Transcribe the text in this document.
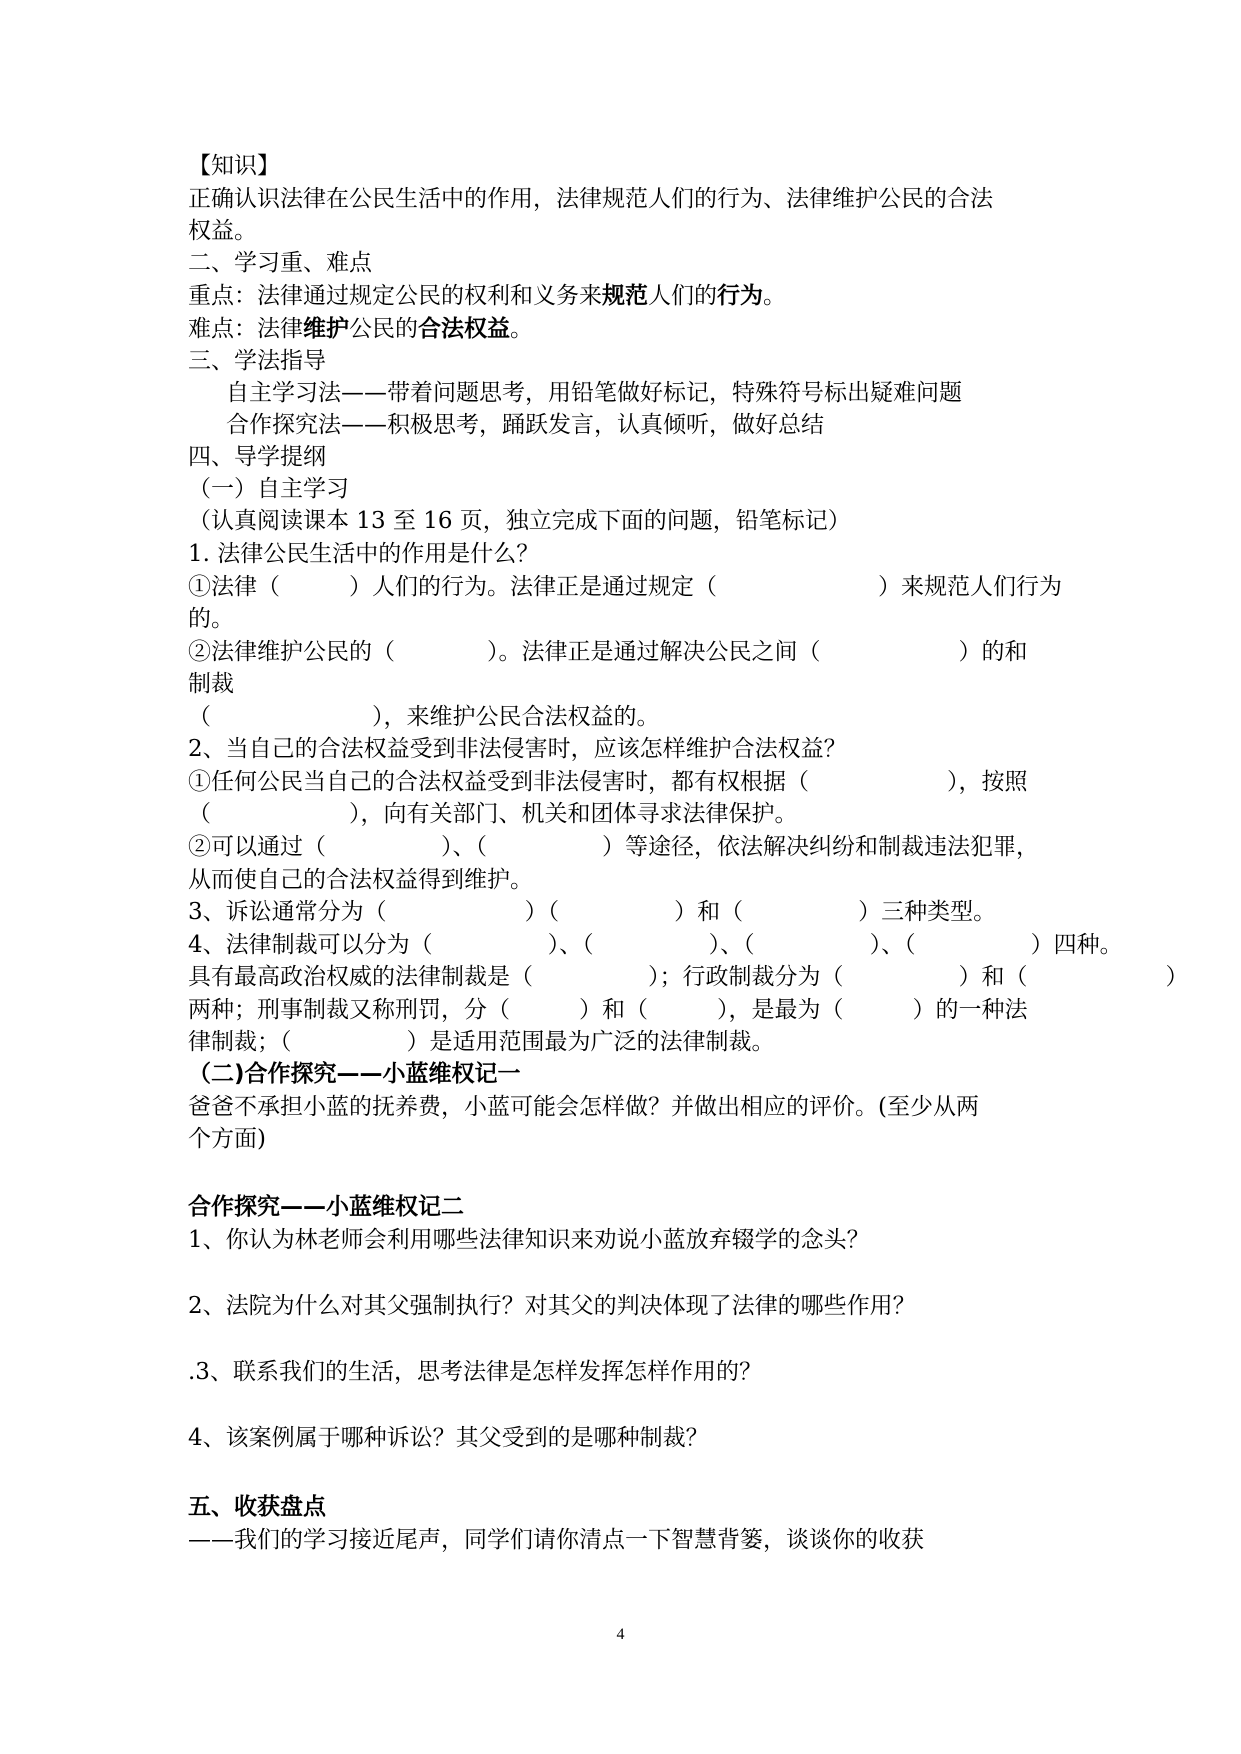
【知识】
正确认识法律在公民生活中的作用，法律规范人们的行为、法律维护公民的合法
权益。
二、学习重、难点
重点：法律通过规定公民的权利和义务来规范人们的行为。
难点：法律维护公民的合法权益。
三、学法指导
自主学习法——带着问题思考，用铅笔做好标记，特殊符号标出疑难问题
合作探究法——积极思考，踊跃发言，认真倾听，做好总结
四、导学提纲
（一）自主学习
（认真阅读课本 13 至 16 页，独立完成下面的问题，铅笔标记）
1. 法律公民生活中的作用是什么？
①法律（　　　）人们的行为。法律正是通过规定（　　　　　　　）来规范人们行为
的。
②法律维护公民的（　　　　）。法律正是通过解决公民之间（　　　　　　）的和
制裁
（　　　　　　　），来维护公民合法权益的。
2、当自己的合法权益受到非法侵害时，应该怎样维护合法权益？
①任何公民当自己的合法权益受到非法侵害时，都有权根据（　　　　　　），按照
（　　　　　　），向有关部门、机关和团体寻求法律保护。
②可以通过（　　　　　）、（　　　　　）等途径，依法解决纠纷和制裁违法犯罪，
从而使自己的合法权益得到维护。
3、诉讼通常分为（　　　　　　）（　　　　　）和（　　　　　）三种类型。
4、法律制裁可以分为（　　　　　）、（　　　　　）、（　　　　　）、（　　　　　）四种。
具有最高政治权威的法律制裁是（　　　　　）；行政制裁分为（　　　　　）和（　　　　　　）
两种；刑事制裁又称刑罚，分（　　　）和（　　　），是最为（　　　）的一种法
律制裁；（　　　　　）是适用范围最为广泛的法律制裁。
（二)合作探究——小蓝维权记一
爸爸不承担小蓝的抚养费，小蓝可能会怎样做？并做出相应的评价。(至少从两
个方面)
合作探究——小蓝维权记二
1、你认为林老师会利用哪些法律知识来劝说小蓝放弃辍学的念头？
2、法院为什么对其父强制执行？对其父的判决体现了法律的哪些作用？
.3、联系我们的生活，思考法律是怎样发挥怎样作用的？
4、该案例属于哪种诉讼？其父受到的是哪种制裁？
五、收获盘点
——我们的学习接近尾声，同学们请你清点一下智慧背篓，谈谈你的收获
4
